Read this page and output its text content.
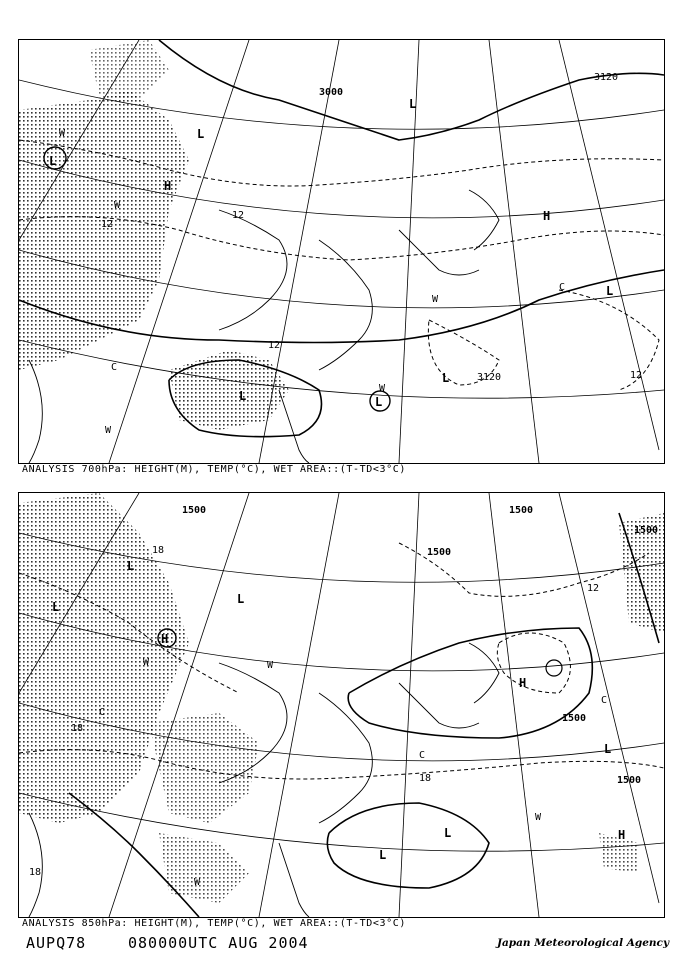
3000
3120
3120
12
12
12
12
H
H
L
L
L
L
L
L	L
W
W
W
W
W
C
C
ANALYSIS 700hPa: HEIGHT(M), TEMP(°C), WET AREA::(T-TD<3°C)
1500
1500
1500
1500
1500
1500
18
18
18
18
12
H
H
H
L
L
L
L
L
L
W	W
W
W
C
C
C
ANALYSIS 850hPa: HEIGHT(M), TEMP(°C), WET AREA::(T-TD<3°C)
AUPQ78	080000UTC AUG 2004	Japan Meteorological Agency
